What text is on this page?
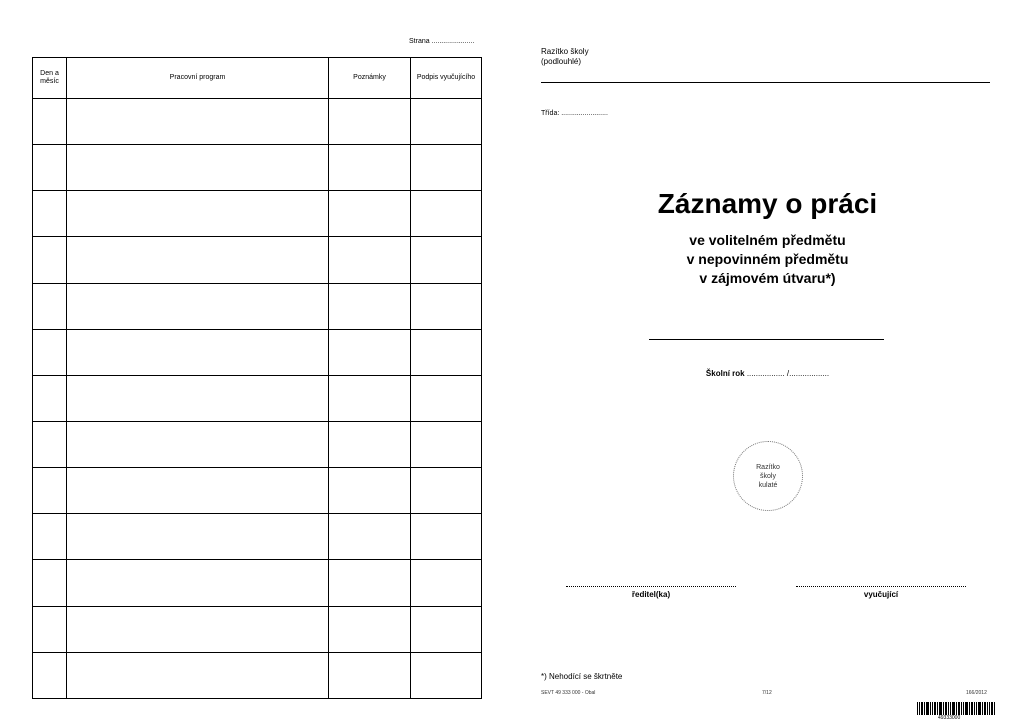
Strana ......................
Den a měsíc	Pracovní program	Poznámky	Podpis vyučujícího

Razítko školy
(podlouhlé)
Třída: ........................
Záznamy o práci
ve volitelném předmětu
v nepovinném předmětu
v zájmovém útvaru*)
Školní rok ................. /..................
Razítko
školy
kulaté
ředitel(ka)	vyučující
*) Nehodící se škrtněte
SEVT 49 333 000 - Obal	7/12	166/2012
49333000
